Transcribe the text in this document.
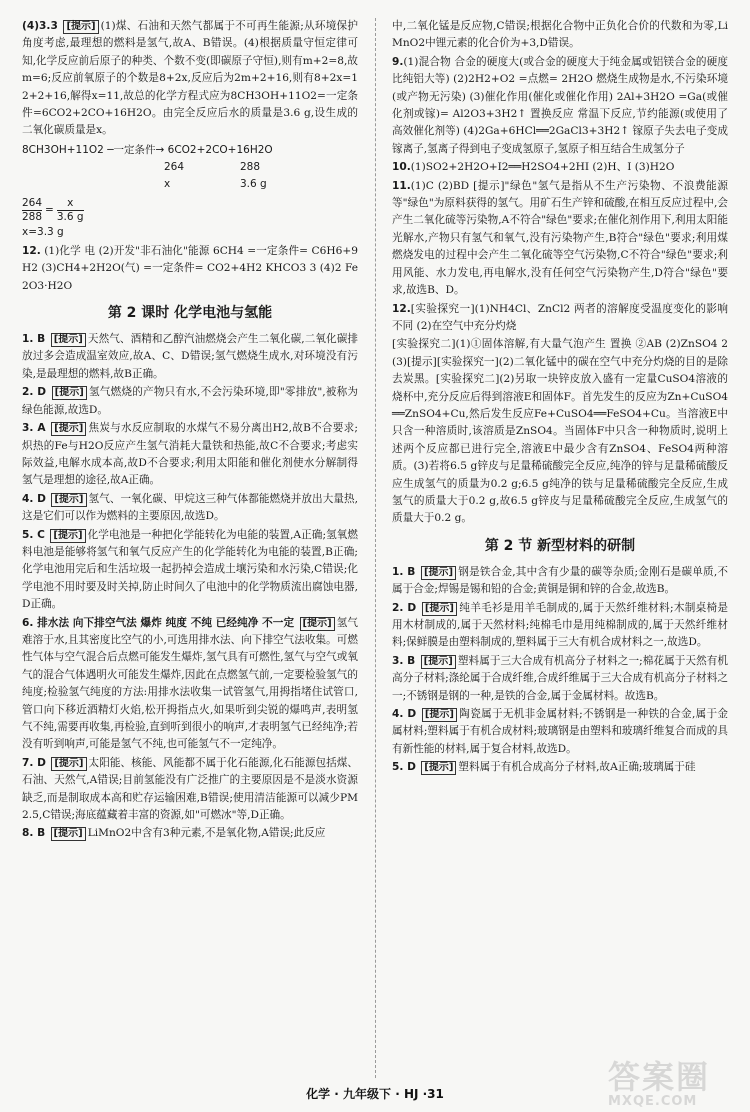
(4)3.3 [提示] (1)煤、石油和天然气都属于不可再生能源;从环境保护角度考虑,最理想的燃料是氢气,故A、B错误。(4)根据质量守恒定律可知,化学反应前后原子的种类、个数不变(即碳原子守恒),则有m+2=8,故m=6;反应前氧原子的个数是8+2x,反应后为2m+2+16,则有8+2x=12+2+16,解得x=11,故总的化学方程式应为8CH3OH+11O2=一定条件=6CO2+2CO+16H2O。由完全反应后水的质量是3.6 g,设生成的二氧化碳质量是x。

8CH3OH+11O2 ─一定条件→ 6CO2+2CO+16H2O
264	288
x	3.6 g
$\frac{264}{288} = \frac{x}{3.6 g}$
x=3.3 g

12. (1)化学 电 (2)开发"非石油化"能源 6CH4 =一定条件= C6H6+9H2 (3)CH4+2H2O(气) =一定条件= CO2+4H2 KHCO3 3 (4)2 Fe2O3·H2O

第 2 课时 化学电池与氢能

1. B [提示] 天然气、酒精和乙醇汽油燃烧会产生二氧化碳,二氧化碳排放过多会造成温室效应,故A、C、D错误;氢气燃烧生成水,对环境没有污染,是最理想的燃料,故B正确。

2. D [提示] 氢气燃烧的产物只有水,不会污染环境,即"零排放",被称为绿色能源,故选D。

3. A [提示] 焦炭与水反应制取的水煤气不易分离出H2,故B不合要求;炽热的Fe与H2O反应产生氢气消耗大量铁和热能,故C不合要求;考虑实际效益,电解水成本高,故D不合要求;利用太阳能和催化剂使水分解制得氢气是理想的途径,故A正确。

4. D [提示] 氢气、一氧化碳、甲烷这三种气体都能燃烧并放出大量热,这是它们可以作为燃料的主要原因,故选D。

5. C [提示] 化学电池是一种把化学能转化为电能的装置,A正确;氢氧燃料电池是能够将氢气和氧气反应产生的化学能转化为电能的装置,B正确;化学电池用完后和生活垃圾一起扔掉会造成土壤污染和水污染,C错误;化学电池不用时要及时关掉,防止时间久了电池中的化学物质流出腐蚀电器,D正确。

6. 排水法 向下排空气法 爆炸 纯度 不纯 已经纯净 不一定 [提示] 氢气难溶于水,且其密度比空气的小,可选用排水法、向下排空气法收集。可燃性气体与空气混合后点燃可能发生爆炸,氢气具有可燃性,氢气与空气或氧气的混合气体遇明火可能发生爆炸,因此在点燃氢气前,一定要检验氢气的纯度;检验氢气纯度的方法:用排水法收集一试管氢气,用拇指堵住试管口,管口向下移近酒精灯火焰,松开拇指点火,如果听到尖锐的爆鸣声,表明氢气不纯,需要再收集,再检验,直到听到很小的响声,才表明氢气已经纯净;若没有听到响声,可能是氢气不纯,也可能氢气不一定纯净。

7. D [提示] 太阳能、核能、风能都不属于化石能源,化石能源包括煤、石油、天然气,A错误;目前氢能没有广泛推广的主要原因是不是淡水资源缺乏,而是制取成本高和贮存运输困难,B错误;使用清洁能源可以减少PM2.5,C错误;海底蕴藏着丰富的资源,如"可燃冰"等,D正确。

8. B [提示] LiMnO2中含有3种元素,不是氧化物,A错误;此反应

中,二氧化锰是反应物,C错误;根据化合物中正负化合价的代数和为零,LiMnO2中锂元素的化合价为+3,D错误。

9.(1)混合物 合金的硬度大(或合金的硬度大于纯金属或铝镁合金的硬度比纯铝大等) (2)2H2+O2 =点燃= 2H2O 燃烧生成物是水,不污染环境(或产物无污染) (3)催化作用(催化或催化作用) 2Al+3H2O =Ga(或催化剂或镓)= Al2O3+3H2↑ 置换反应 常温下反应,节约能源(或使用了高效催化剂等) (4)2Ga+6HCl══2GaCl3+3H2↑ 镓原子失去电子变成镓离子,氢离子得到电子变成氢原子,氢原子相互结合生成氢分子

10.(1)SO2+2H2O+I2══H2SO4+2HI (2)H、I (3)H2O

11.(1)C (2)BD [提示]"绿色"氢气是指从不生产污染物、不浪费能源等"绿色"为原料获得的氢气。用矿石生产锌和硫酸,在相互反应过程中,会产生二氧化硫等污染物,A不符合"绿色"要求;在催化剂作用下,利用太阳能光解水,产物只有氢气和氧气,没有污染物产生,B符合"绿色"要求;利用煤燃烧发电的过程中会产生二氧化硫等空气污染物,C不符合"绿色"要求;利用风能、水力发电,再电解水,没有任何空气污染物产生,D符合"绿色"要求,故选B、D。

12.[实验探究一](1)NH4Cl、ZnCl2 两者的溶解度受温度变化的影响不同 (2)在空气中充分灼烧

[实验探究二](1)①固体溶解,有大量气泡产生 置换 ②AB (2)ZnSO4 2 (3)[提示][实验探究一](2)二氧化锰中的碳在空气中充分灼烧的目的是除去炭黑。[实验探究二](2)另取一块锌皮放入盛有一定量CuSO4溶液的烧杯中,充分反应后得到溶液E和固体F。首先发生的反应为Zn+CuSO4══ZnSO4+Cu,然后发生反应Fe+CuSO4══FeSO4+Cu。当溶液E中只含一种溶质时,该溶质是ZnSO4。当固体F中只含一种物质时,说明上述两个反应都已进行完全,溶液E中最少含有ZnSO4、FeSO4两种溶质。(3)若将6.5 g锌皮与足量稀硫酸完全反应,纯净的锌与足量稀硫酸反应生成氢气的质量为0.2 g;6.5 g纯净的铁与足量稀硫酸完全反应,生成氢气的质量大于0.2 g,故6.5 g锌皮与足量稀硫酸完全反应,生成氢气的质量大于0.2 g。

第 2 节 新型材料的研制

1. B [提示] 钢是铁合金,其中含有少量的碳等杂质;金刚石是碳单质,不属于合金;焊锡是锡和铅的合金;黄铜是铜和锌的合金,故选B。

2. D [提示] 纯羊毛衫是用羊毛制成的,属于天然纤维材料;木制桌椅是用木材制成的,属于天然材料;纯棉毛巾是用纯棉制成的,属于天然纤维材料;保鲜膜是由塑料制成的,塑料属于三大有机合成材料之一,故选D。

3. B [提示] 塑料属于三大合成有机高分子材料之一;棉花属于天然有机高分子材料;涤纶属于合成纤维,合成纤维属于三大合成有机高分子材料之一;不锈钢是钢的一种,是铁的合金,属于金属材料。故选B。

4. D [提示] 陶瓷属于无机非金属材料;不锈钢是一种铁的合金,属于金属材料;塑料属于有机合成材料;玻璃钢是由塑料和玻璃纤维复合而成的具有新性能的材料,属于复合材料,故选D。

5. D [提示] 塑料属于有机合成高分子材料,故A正确;玻璃属于硅

化学 · 九年级下 · HJ ·31	答案圈
MXQE.COM
